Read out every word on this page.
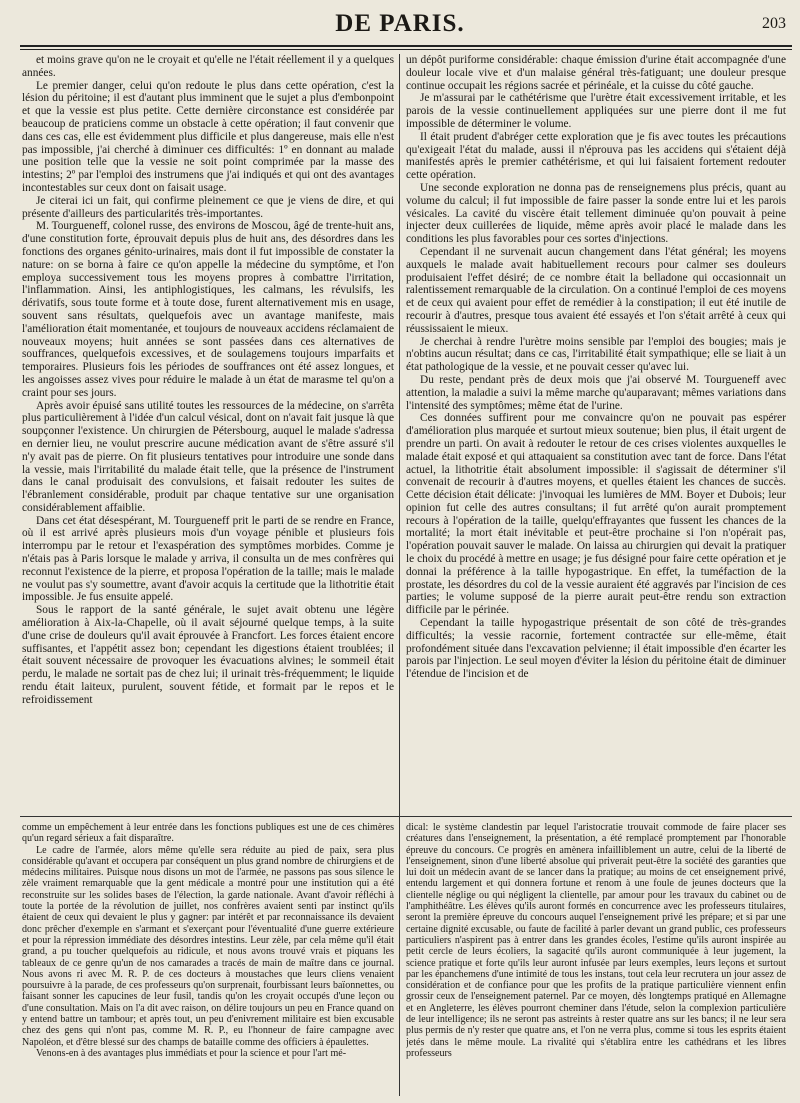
DE PARIS.	203

et moins grave qu'on ne le croyait et qu'elle ne l'était réellement il y a quelques années.

Le premier danger, celui qu'on redoute le plus dans cette opération, c'est la lésion du péritoine; il est d'autant plus imminent que le sujet a plus d'embonpoint et que la vessie est plus petite. Cette dernière circonstance est considérée par beaucoup de praticiens comme un obstacle à cette opération; il faut convenir que dans ces cas, elle est évidemment plus difficile et plus dangereuse, mais elle n'est pas impossible, j'ai cherché à diminuer ces difficultés: 1º en donnant au malade une position telle que la vessie ne soit point comprimée par la masse des intestins; 2º par l'emploi des instrumens que j'ai indiqués et qui ont des avantages incontestables sur ceux dont on faisait usage.

Je citerai ici un fait, qui confirme pleinement ce que je viens de dire, et qui présente d'ailleurs des particularités très-importantes.

M. Tourgueneff, colonel russe, des environs de Moscou, âgé de trente-huit ans, d'une constitution forte, éprouvait depuis plus de huit ans, des désordres dans les fonctions des organes génito-urinaires, mais dont il fut impossible de constater la nature: on se borna à faire ce qu'on appelle la médecine du symptôme, et l'on employa successivement tous les moyens propres à combattre l'irritation, l'inflammation. Ainsi, les antiphlogistiques, les calmans, les révulsifs, les dérivatifs, sous toute forme et à toute dose, furent alternativement mis en usage, souvent sans résultats, quelquefois avec un avantage manifeste, mais l'amélioration était momentanée, et toujours de nouveaux accidens réclamaient de nouveaux moyens; huit années se sont passées dans ces alternatives de souffrances, quelquefois excessives, et de soulagemens toujours imparfaits et temporaires. Plusieurs fois les périodes de souffrances ont été assez longues, et les angoisses assez vives pour réduire le malade à un état de marasme tel qu'on a craint pour ses jours.

Après avoir épuisé sans utilité toutes les ressources de la médecine, on s'arrêta plus particulièrement à l'idée d'un calcul vésical, dont on n'avait fait jusque là que soupçonner l'existence. Un chirurgien de Pétersbourg, auquel le malade s'adressa en dernier lieu, ne voulut prescrire aucune médication avant de s'être assuré s'il n'y avait pas de pierre. On fit plusieurs tentatives pour introduire une sonde dans la vessie, mais l'irritabilité du malade était telle, que la présence de l'instrument dans le canal produisait des convulsions, et faisait redouter les suites de l'ébranlement considérable, produit par chaque tentative sur une organisation considérablement affaiblie.

Dans cet état désespérant, M. Tourgueneff prit le parti de se rendre en France, où il est arrivé après plusieurs mois d'un voyage pénible et plusieurs fois interrompu par le retour et l'exaspération des symptômes morbides. Comme je n'étais pas à Paris lorsque le malade y arriva, il consulta un de mes confrères qui reconnut l'existence de la pierre, et proposa l'opération de la taille; mais le malade ne voulut pas s'y soumettre, avant d'avoir acquis la certitude que la lithotritie était impossible. Je fus ensuite appelé.

Sous le rapport de la santé générale, le sujet avait obtenu une légère amélioration à Aix-la-Chapelle, où il avait séjourné quelque temps, à la suite d'une crise de douleurs qu'il avait éprouvée à Francfort. Les forces étaient encore suffisantes, et l'appétit assez bon; cependant les digestions étaient troublées; il était souvent nécessaire de provoquer les évacuations alvines; le sommeil était perdu, le malade ne sortait pas de chez lui; il urinait très-fréquemment; le liquide rendu était laiteux, purulent, souvent fétide, et formait par le repos et le refroidissement

un dépôt puriforme considérable: chaque émission d'urine était accompagnée d'une douleur locale vive et d'un malaise général très-fatiguant; une douleur presque continue occupait les régions sacrée et périnéale, et la cuisse du côté gauche.

Je m'assurai par le cathétérisme que l'urètre était excessivement irritable, et les parois de la vessie continuellement appliquées sur une pierre dont il me fut impossible de déterminer le volume.

Il était prudent d'abréger cette exploration que je fis avec toutes les précautions qu'exigeait l'état du malade, aussi il n'éprouva pas les accidens qui s'étaient déjà manifestés après le premier cathétérisme, et qui lui faisaient fortement redouter cette opération.

Une seconde exploration ne donna pas de renseignemens plus précis, quant au volume du calcul; il fut impossible de faire passer la sonde entre lui et les parois vésicales. La cavité du viscère était tellement diminuée qu'on pouvait à peine injecter deux cuillerées de liquide, même après avoir placé le malade dans les conditions les plus favorables pour ces sortes d'injections.

Cependant il ne survenait aucun changement dans l'état général; les moyens auxquels le malade avait habituellement recours pour calmer ses douleurs produisaient l'effet désiré; de ce nombre était la belladone qui occasionnait un ralentissement remarquable de la circulation. On a continué l'emploi de ces moyens et de ceux qui avaient pour effet de remédier à la constipation; il eut été inutile de recourir à d'autres, presque tous avaient été essayés et l'on s'était arrêté à ceux qui réussissaient le mieux.

Je cherchai à rendre l'urètre moins sensible par l'emploi des bougies; mais je n'obtins aucun résultat; dans ce cas, l'irritabilité était sympathique; elle se liait à un état pathologique de la vessie, et ne pouvait cesser qu'avec lui.

Du reste, pendant près de deux mois que j'ai observé M. Tourgueneff avec attention, la maladie a suivi la même marche qu'auparavant; mêmes variations dans l'intensité des symptômes; même état de l'urine.

Ces données suffirent pour me convaincre qu'on ne pouvait pas espérer d'amélioration plus marquée et surtout mieux soutenue; bien plus, il était urgent de prendre un parti. On avait à redouter le retour de ces crises violentes auxquelles le malade était exposé et qui attaquaient sa constitution avec tant de force. Dans l'état actuel, la lithotritie était absolument impossible: il s'agissait de déterminer s'il convenait de recourir à d'autres moyens, et quelles étaient les chances de succès. Cette décision était délicate: j'invoquai les lumières de MM. Boyer et Dubois; leur opinion fut celle des autres consultans; il fut arrêté qu'on aurait promptement recours à l'opération de la taille, quelqu'effrayantes que fussent les chances de la mortalité; la mort était inévitable et peut-être prochaine si l'on n'opérait pas, l'opération pouvait sauver le malade. On laissa au chirurgien qui devait la pratiquer le choix du procédé à mettre en usage; je fus désigné pour faire cette opération et je donnai la préférence à la taille hypogastrique. En effet, la tuméfaction de la prostate, les désordres du col de la vessie auraient été aggravés par l'incision de ces parties; le volume supposé de la pierre aurait peut-être rendu son extraction difficile par le périnée.

Cependant la taille hypogastrique présentait de son côté de très-grandes difficultés; la vessie racornie, fortement contractée sur elle-même, était profondément située dans l'excavation pelvienne; il était impossible d'en écarter les parois par l'injection. Le seul moyen d'éviter la lésion du péritoine était de diminuer l'étendue de l'incision et de

comme un empêchement à leur entrée dans les fonctions publiques est une de ces chimères qu'un regard sérieux a fait disparaître.

Le cadre de l'armée, alors même qu'elle sera réduite au pied de paix, sera plus considérable qu'avant et occupera par conséquent un plus grand nombre de chirurgiens et de médecins militaires. Puisque nous disons un mot de l'armée, ne passons pas sous silence le zèle vraiment remarquable que la gent médicale a montré pour une institution qui a été reconstruite sur les solides bases de l'élection, la garde nationale. Avant d'avoir réfléchi à toute la portée de la révolution de juillet, nos confrères avaient senti par instinct qu'ils étaient de ceux qui devaient le plus y gagner: par intérêt et par reconnaissance ils devaient donc prêcher d'exemple en s'armant et s'exerçant pour l'éventualité d'une guerre extérieure et pour la répression immédiate des désordres intestins. Leur zèle, par cela même qu'il était grand, a pu toucher quelquefois au ridicule, et nous avons trouvé vrais et piquans les tableaux de ce genre qu'un de nos camarades a tracés de main de maître dans ce journal. Nous avons ri avec M. R. P. de ces docteurs à moustaches que leurs cliens venaient poursuivre à la parade, de ces professeurs qu'on surprenait, fourbissant leurs baïonnettes, ou faisant sonner les capucines de leur fusil, tandis qu'on les croyait occupés d'une leçon ou d'une consultation. Mais on l'a dit avec raison, on délire toujours un peu en France quand on y entend battre un tambour; et après tout, un peu d'enivrement militaire est bien excusable chez des gens qui n'ont pas, comme M. R. P., eu l'honneur de faire campagne avec Napoléon, et d'être blessé sur des champs de bataille comme des officiers à épaulettes.

Venons-en à des avantages plus immédiats et pour la science et pour l'art mé-

dical: le système clandestin par lequel l'aristocratie trouvait commode de faire placer ses créatures dans l'enseignement, la présentation, a été remplacé promptement par l'honorable épreuve du concours. Ce progrès en amènera infailliblement un autre, celui de la liberté de l'enseignement, sinon d'une liberté absolue qui priverait peut-être la société des garanties que lui doit un médecin avant de se lancer dans la pratique; au moins de cet enseignement privé, entendu largement et qui donnera fortune et renom à une foule de jeunes docteurs que la clientelle néglige ou qui négligent la clientelle, par amour pour les travaux du cabinet ou de l'amphithéâtre. Les élèves qu'ils auront formés en concurrence avec les professeurs titulaires, seront la première épreuve du concours auquel l'enseignement privé les prépare; et si par une certaine dignité excusable, ou faute de facilité à parler devant un grand public, ces professeurs particuliers n'aspirent pas à entrer dans les grandes écoles, l'estime qu'ils auront inspirée au petit cercle de leurs écoliers, la sagacité qu'ils auront communiquée à leur jugement, la science pratique et forte qu'ils leur auront infusée par leurs exemples, leurs leçons et surtout par les épanchemens d'une intimité de tous les instans, tout cela leur recrutera un jour assez de considération et de confiance pour que les profits de la pratique particulière viennent enfin grossir ceux de l'enseignement paternel. Par ce moyen, dès longtemps pratiqué en Allemagne et en Angleterre, les élèves pourront cheminer dans l'étude, selon la complexion particulière de leur intelligence; ils ne seront pas astreints à rester quatre ans sur les bancs; il ne leur sera plus permis de n'y rester que quatre ans, et l'on ne verra plus, comme si tous les esprits étaient jetés dans le même moule. La rivalité qui s'établira entre les cathédrans et les libres professeurs
